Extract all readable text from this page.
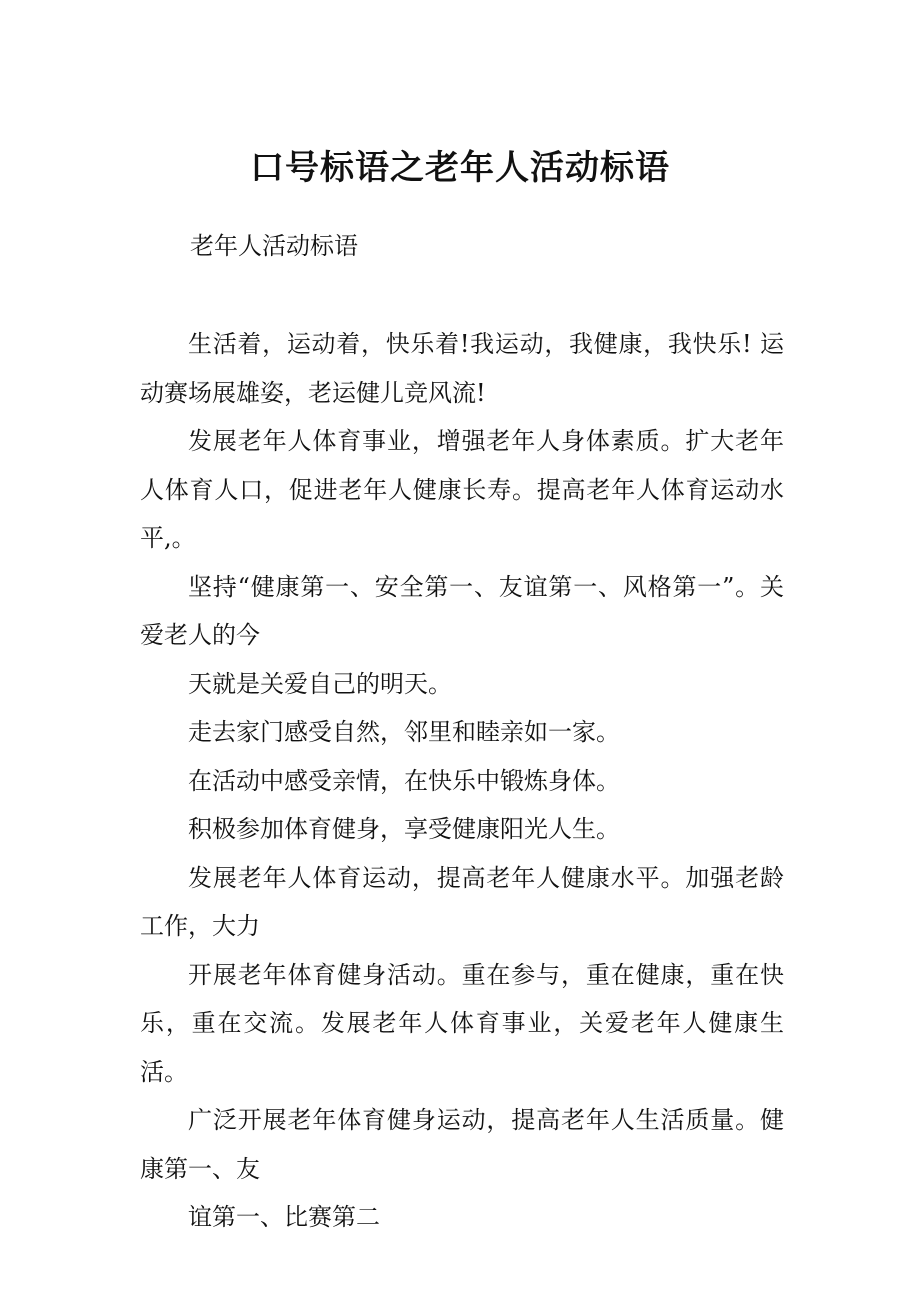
口号标语之老年人活动标语

老年人活动标语

生活着，运动着，快乐着!我运动，我健康，我快乐! 运动赛场展雄姿，老运健儿竞风流!

发展老年人体育事业，增强老年人身体素质。扩大老年人体育人口，促进老年人健康长寿。提高老年人体育运动水平,。

坚持“健康第一、安全第一、友谊第一、风格第一”。关爱老人的今

天就是关爱自己的明天。

走去家门感受自然，邻里和睦亲如一家。

在活动中感受亲情，在快乐中锻炼身体。

积极参加体育健身，享受健康阳光人生。

发展老年人体育运动，提高老年人健康水平。加强老龄工作，大力

开展老年体育健身活动。重在参与，重在健康，重在快乐，重在交流。发展老年人体育事业，关爱老年人健康生活。

广泛开展老年体育健身运动，提高老年人生活质量。健康第一、友

谊第一、比赛第二
